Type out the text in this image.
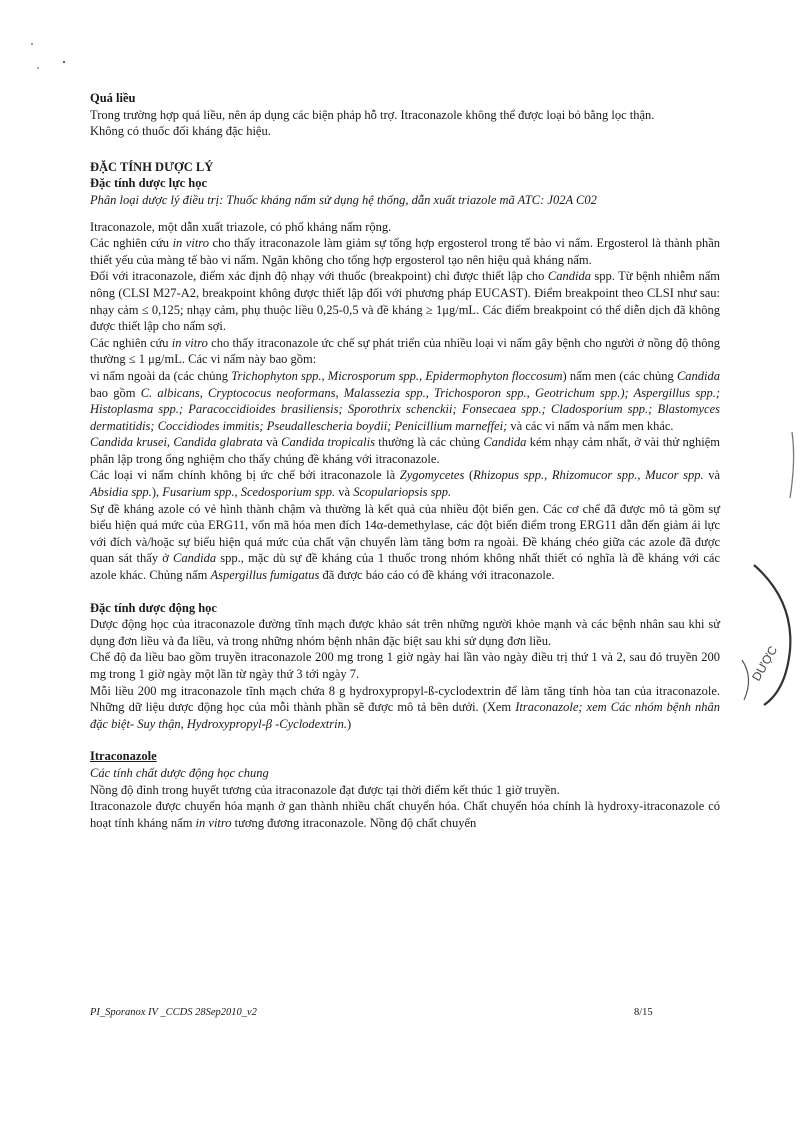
DƯỢC

Quá liều

Trong trường hợp quá liều, nên áp dụng các biện pháp hỗ trợ. Itraconazole không thể được loại bỏ bằng lọc thận.

Không có thuốc đối kháng đặc hiệu.

ĐẶC TÍNH DƯỢC LÝ

Đặc tính dược lực học

Phân loại dược lý điều trị: Thuốc kháng nấm sử dụng hệ thống, dẫn xuất triazole mã ATC: J02A C02

Itraconazole, một dẫn xuất triazole, có phổ kháng nấm rộng.

Các nghiên cứu in vitro cho thấy itraconazole làm giảm sự tổng hợp ergosterol trong tế bào vi nấm. Ergosterol là thành phần thiết yếu của màng tế bào vi nấm. Ngăn không cho tổng hợp ergosterol tạo nên hiệu quả kháng nấm.

Đối với itraconazole, điểm xác định độ nhạy với thuốc (breakpoint) chỉ được thiết lập cho Candida spp. Từ bệnh nhiễm nấm nông (CLSI M27-A2, breakpoint không được thiết lập đối với phương pháp EUCAST). Điểm breakpoint theo CLSI như sau: nhạy cảm ≤ 0,125; nhạy cảm, phụ thuộc liều 0,25-0,5 và đề kháng ≥ 1μg/mL. Các điểm breakpoint có thể diễn dịch đã không được thiết lập cho nấm sợi.

Các nghiên cứu in vitro cho thấy itraconazole ức chế sự phát triển của nhiều loại vi nấm gây bệnh cho người ở nồng độ thông thường ≤ 1 μg/mL. Các vi nấm này bao gồm:

vi nấm ngoài da (các chủng Trichophyton spp., Microsporum spp., Epidermophyton floccosum) nấm men (các chủng Candida bao gồm C. albicans, Cryptococus neoformans, Malassezia spp., Trichosporon spp., Geotrichum spp.); Aspergillus spp.; Histoplasma spp.; Paracoccidioides brasiliensis; Sporothrix schenckii; Fonsecaea spp.; Cladosporium spp.; Blastomyces dermatitidis; Coccidiodes immitis; Pseudallescheria boydii; Penicillium marneffei; và các vi nấm và nấm men khác.

Candida krusei, Candida glabrata và Candida tropicalis thường là các chủng Candida kém nhạy cảm nhất, ở vài thử nghiệm phân lập trong ống nghiệm cho thấy chúng đề kháng với itraconazole.

Các loại vi nấm chính không bị ức chế bởi itraconazole là Zygomycetes (Rhizopus spp., Rhizomucor spp., Mucor spp. và Absidia spp.), Fusarium spp., Scedosporium spp. và Scopulariopsis spp.

Sự đề kháng azole có vẻ hình thành chậm và thường là kết quả của nhiều đột biến gen. Các cơ chế đã được mô tả gồm sự biểu hiện quá mức của ERG11, vốn mã hóa men đích 14α-demethylase, các đột biến điểm trong ERG11 dẫn đến giảm ái lực với đích và/hoặc sự biểu hiện quá mức của chất vận chuyển làm tăng bơm ra ngoài. Đề kháng chéo giữa các azole đã được quan sát thấy ở Candida spp., mặc dù sự đề kháng của 1 thuốc trong nhóm không nhất thiết có nghĩa là đề kháng với các azole khác. Chủng nấm Aspergillus fumigatus đã được báo cáo có đề kháng với itraconazole.

Đặc tính dược động học

Dược động học của itraconazole đường tĩnh mạch được khảo sát trên những người khỏe mạnh và các bệnh nhân sau khi sử dụng đơn liều và đa liều, và trong những nhóm bệnh nhân đặc biệt sau khi sử dụng đơn liều.

Chế độ đa liều bao gồm truyền itraconazole 200 mg trong 1 giờ ngày hai lần vào ngày điều trị thứ 1 và 2, sau đó truyền 200 mg trong 1 giờ ngày một lần từ ngày thứ 3 tới ngày 7.

Mỗi liều 200 mg itraconazole tĩnh mạch chứa 8 g hydroxypropyl-ß-cyclodextrin để làm tăng tính hòa tan của itraconazole. Những dữ liệu dược động học của mỗi thành phần sẽ được mô tả bên dưới. (Xem Itraconazole; xem Các nhóm bệnh nhân đặc biệt- Suy thận, Hydroxypropyl-β -Cyclodextrin.)

Itraconazole

Các tính chất dược động học chung

Nồng độ đỉnh trong huyết tương của itraconazole đạt được tại thời điểm kết thúc 1 giờ truyền.

Itraconazole được chuyển hóa mạnh ở gan thành nhiều chất chuyển hóa. Chất chuyển hóa chính là hydroxy-itraconazole có hoạt tính kháng nấm in vitro tương đương itraconazole. Nồng độ chất chuyển

PI_Sporanox IV _CCDS 28Sep2010_v2	8/15
